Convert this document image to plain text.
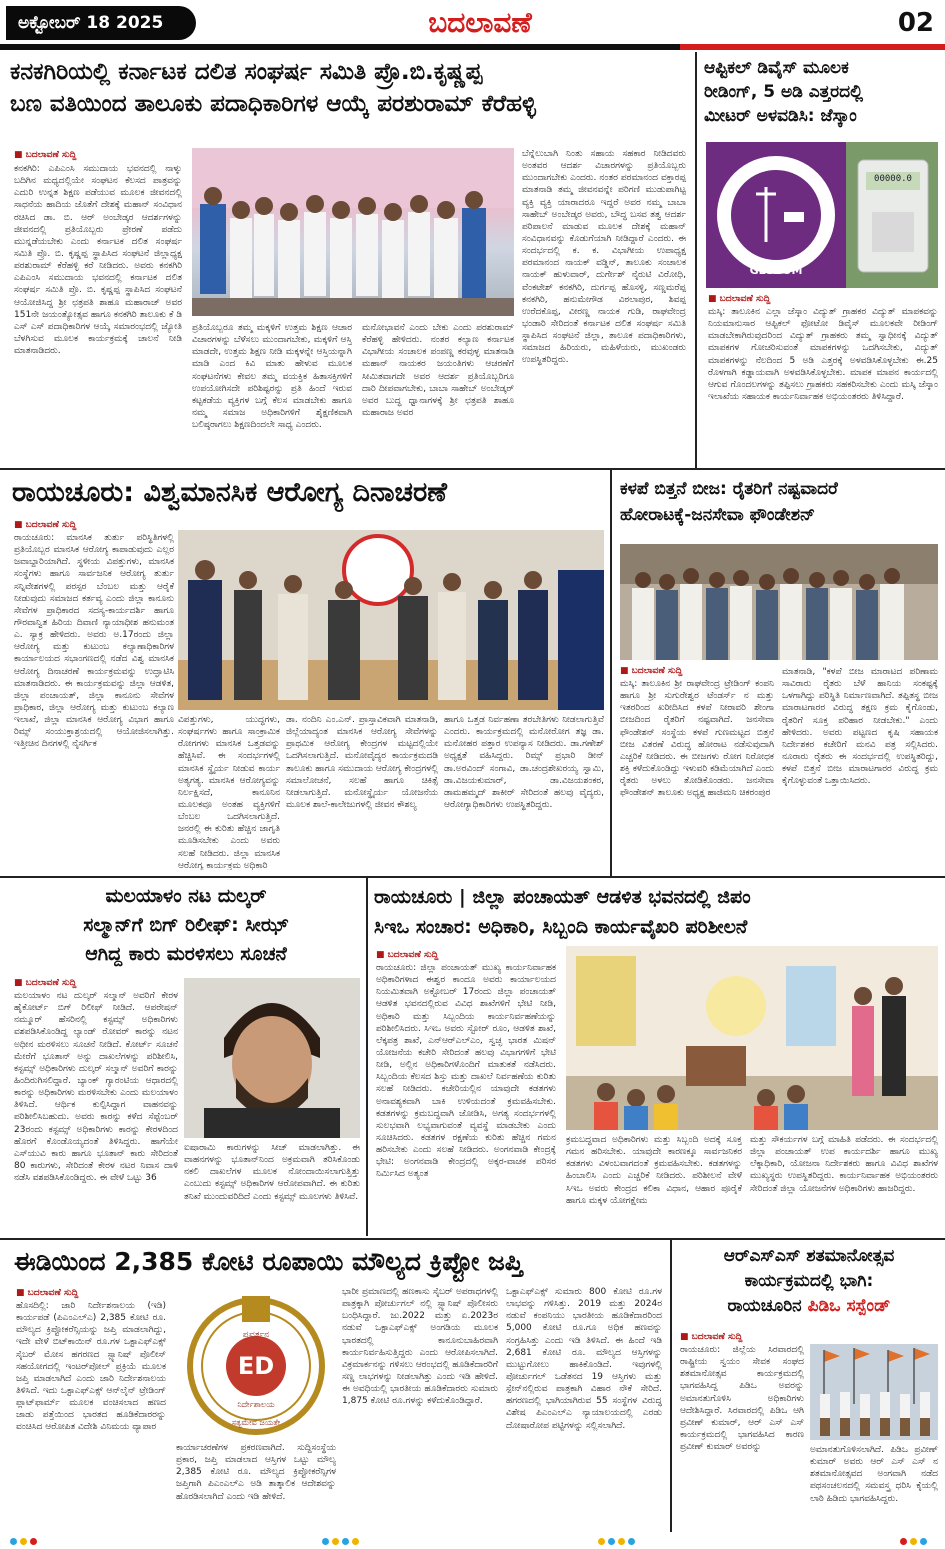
ಅಕ್ಟೋಬರ್ 18 2025	ಬದಲಾವಣೆ	02
ಕನಕಗಿರಿಯಲ್ಲಿ ಕರ್ನಾಟಕ ದಲಿತ ಸಂಘರ್ಷ ಸಮಿತಿ ಪ್ರೊ.ಬಿ.ಕೃಷ್ಣಪ್ಪ
ಬಣ ವತಿಯಿಂದ ತಾಲೂಕು ಪದಾಧಿಕಾರಿಗಳ ಆಯ್ಕೆ ಪರಶುರಾಮ್ ಕೆರೆಹಳ್ಳಿ
■ ಬದಲಾವಣೆ ಸುದ್ದಿ
ಕನಕಗಿರಿ: ಎಪಿಎಂಸಿ ಸಮುದಾಯ ಭವನದಲ್ಲಿ ನಾಳ್ಕು ಬದಿಗಿನ ಮಧ್ಯದಲ್ಲಿಯೇ ಸಂಘಟನ ಕೆಲಸದ ಪಾತ್ರವನ್ನು ಎದುರಿ ಉನ್ನತ ಶಿಕ್ಷಣ ಪಡೆಯುವ ಮೂಲಕ ಜೀವನದಲ್ಲಿ ಸಾಧನೆಯ ಹಾದಿಯ ಜೊತೆಗೆ ದೇಶಕ್ಕೆ ಮಹಾನ್ ಸಂವಿಧಾನ ರಚಿಸಿದ ಡಾ. ಬಿ. ಆರ್ ಅಂಬೇಡ್ಕರ ಆದರ್ಶಗಳನ್ನು ಜೀವನದಲ್ಲಿ ಪ್ರತಿಯೊಬ್ಬರು ಪ್ರೇರಣೆ ಪಡೆದು ಮುನ್ನಡೆಯಬೇಕು ಎಂದು ಕರ್ನಾಟಕ ದಲಿತ ಸಂಘರ್ಷ ಸಮಿತಿ ಪ್ರೊ. ಬಿ. ಕೃಷ್ಣಪ್ಪ ಸ್ಥಾಪಿಸಿದ ಸಂಘಟನೆ ಜಿಲ್ಲಾಧ್ಯಕ್ಷ ಪರಶುರಾಮ್ ಕೆರೆಹಳ್ಳಿ ಕರೆ ನೀಡಿದರು. ಅವರು ಕನಕಗಿರಿ ಎಪಿಎಂಸಿ ಸಮುದಾಯ ಭವನದಲ್ಲಿ ಕರ್ನಾಟಕ ದಲಿತ ಸಂಘರ್ಷ ಸಮಿತಿ ಪ್ರೊ. ಬಿ. ಕೃಷ್ಣಪ್ಪ ಸ್ಥಾಪಿಸಿದ ಸಂಘಟನೆ ಆಯೋಜಿಸಿದ್ದ ಶ್ರೀ ಛತ್ರಪತಿ ಶಾಹೂ ಮಹಾರಾಜ್ ಅವರ 151ನೇ ಜಯಂತ್ಯೋತ್ಸವ ಹಾಗೂ ಕನಕಗಿರಿ ತಾಲೂಕು ಕೆ ಡಿ ಎಸ್ ಎಸ್ ಪದಾಧಿಕಾರಿಗಳ ಆಯ್ಕೆ ಸಮಾರಂಭದಲ್ಲಿ ಜ್ಯೋತಿ ಬೆಳಗಿಸುವ ಮೂಲಕ ಕಾರ್ಯಕ್ರಮಕ್ಕೆ ಚಾಲನೆ ನೀಡಿ ಮಾತನಾಡಿದರು.
ಪ್ರತಿಯೊಬ್ಬರೂ ತಮ್ಮ ಮಕ್ಕಳಿಗೆ ಉತ್ತಮ ಶಿಕ್ಷಣ ಆಚಾರ ವಿಚಾರಗಳನ್ನು ಬೆಳೆಸಲು ಮುಂದಾಗಬೇಕು, ಮಕ್ಕಳಿಗೆ ಆಸ್ತಿ ಮಾಡದೇ, ಉತ್ತಮ ಶಿಕ್ಷಣ ನೀಡಿ ಮಕ್ಕಳನ್ನೇ ಆಸ್ತಿಯನ್ನಾಗಿ ಮಾಡಿ ಎಂದ ಕಿವಿ ಮಾತು ಹೇಳುವ ಮೂಲಕ ಸಂಘಟನೆಗಳು ಕೇವಲ ತಮ್ಮ ವಯಕ್ತಿಕ ಹಿತಾಸಕ್ತಿಗಳಿಗೆ ಉಪಯೋಗಿಸದೇ ಪರಿಶಿಷ್ಟರನ್ನು ಪ್ರತಿ ಹಿಂದೆ ಇರುವ ಕಟ್ಟಕಡೆಯ ವ್ಯಕ್ತಿಗಳ ಬಗ್ಗೆ ಕೆಲಸ ಮಾಡಬೇಕು ಹಾಗೂ ನಮ್ಮ ಸಮಾಜ ಅಧಿಕಾರಿಗಳಿಗೆ ಶೈಕ್ಷಣಿಕವಾಗಿ ಬಲಿಷ್ಠರಾಗಲು ಶಿಕ್ಷಣದಿಂದಲೇ ಸಾಧ್ಯ ಎಂದರು.
ಮನೋಭಾವನೆ ಎಂದು ಬೇಕು ಎಂದು ಪರಶುರಾಮ್ ಕೆರೆಹಳ್ಳಿ ಹೇಳಿದರು. ನಂತರ ಕಲ್ಯಾಣ ಕರ್ನಾಟಕ ವಿಭಾಗೀಯ ಸಂಚಾಲಕ ಪಂಪಣ್ಣ ಕರವುಳ್ಳ ಮಾತನಾಡಿ ಮಹಾನ್ ನಾಯಕರ ಜಯಂತಿಗಳು ಆಚರಣೆಗೆ ಸೀಮಿತವಾಗದೇ ಅವರ ಆದರ್ಶ ಪ್ರತಿಯೊಬ್ಬರಿಗೂ ದಾರಿ ದೀಪವಾಗಬೇಕು, ಬಾಬಾ ಸಾಹೇಬ್ ಅಂಬೇಡ್ಕರ್ ಅವರ ಬುದ್ಧ ಧ್ವಾನಾಗಳಕ್ಕೆ ಶ್ರೀ ಛತ್ರಪತಿ ಶಾಹೂ ಮಹಾರಾಜ ಅವರ
ಬೆನ್ನೆಲುಬಾಗಿ ನಿಂತು ಸಹಾಯ ಸಹಕಾರ ನೀಡಿದವರು ಅಂತವರ ಆದರ್ಶ ವಿಚಾರಗಳನ್ನು ಪ್ರತಿಯೊಬ್ಬರು ಮುಂದಾಗಬೇಕು ಎಂದರು. ನಂತರ ಪರಮಾನಂದ ವಕ್ತಾರಪ್ಪ ಮಾತನಾಡಿ ತಮ್ಮ ಜೀವನವನ್ನೇ ಪರಿಗಣಿ ಮುಡುಪಾಗಿಟ್ಟ ವ್ಯಕ್ತಿ ವ್ಯಕ್ತಿ ಯಾರಾದರೂ ಇದ್ದರೆ ಅವರ ನಮ್ಮ ಬಾಬಾ ಸಾಹೇಬ್ ಅಂಬೇಡ್ಕರ ಅವರು, ಬೌದ್ಧ ಬಸವ ತತ್ವ ಆದರ್ಶ ಪರಿಪಾಲನೆ ಮಾಡುವ ಮೂಲಕ ದೇಶಕ್ಕೆ ಮಹಾನ್ ಸಂವಿಧಾನವನ್ನು ಕೊಡುಗೆಯಾಗಿ ನೀಡಿದ್ದಾರೆ ಎಂದರು. ಈ ಸಂದರ್ಭದಲ್ಲಿ ಕ. ಕ. ವಿಭಾಗೀಯ ಉಪಾಧ್ಯಕ್ಷ ಪರಮಾನಂದ ನಾಯಕ್ ವಡ್ಡಿನ್, ತಾಲೂಕು ಸಂಚಾಲಕ ನಾಯಕ್ ಹುಳುವಾರ್, ದುರ್ಗೇಶ್ ನೈರುಟಿ ವಿರೋಧಿ, ವೆಂಕಟೇಶ್ ಕನಕಗಿರಿ, ದುರ್ಗಪ್ಪ ಹೊಸಳ್ಳಿ, ಸಣ್ಣಮರೆಪ್ಪ ಕನಕಗಿರಿ, ಹನುಮೇಗೌಡ ವಿಠಲಾಪುರ, ಶಿವಪ್ಪ ಉರೆದಕೊಪ್ಪ, ವೀರಣ್ಣ ನಾಯಕ ಗುಡಿ, ರಾಘವೇಂದ್ರ ಭಂಡಾರಿ ಸೇರಿದಂತೆ ಕರ್ನಾಟಕ ದಲಿತ ಸಂಘರ್ಷ ಸಮಿತಿ ಸ್ಥಾಪಿಸಿದ ಸಂಘಟನೆ ಜಿಲ್ಲಾ, ತಾಲೂಕ ಪದಾಧಿಕಾರಿಗಳು, ಸಮಾಜದ ಹಿರಿಯರು, ಮಹಿಳೆಯರು, ಮುಖಂಡರು ಉಪಸ್ಥಿತರಿದ್ದರು.
ಆಪ್ಟಿಕಲ್ ಡಿವೈಸ್ ಮೂಲಕ
ರೀಡಿಂಗ್, 5 ಅಡಿ ಎತ್ತರದಲ್ಲಿ
ಮೀಟರ್ ಅಳವಡಿಸಿ: ಜೆಸ್ಕಾಂ
ಗು ವಿ ಕಂ
GESCOM
00000.0
■ ಬದಲಾವಣೆ ಸುದ್ದಿ
ಮಸ್ಕಿ: ತಾಲೂಕಿನ ಎಲ್ಲಾ ಜೆಸ್ಕಾಂ ವಿದ್ಯುತ್ ಗ್ರಾಹಕರ ವಿದ್ಯುತ್ ಮಾಪಕವನ್ನು ನಿಯಮಾನುಸಾರ ಆಪ್ಟಿಕಲ್ ಫೋಟೋ ಡಿವೈಸ್ ಮೂಲಕವೇ ರೀಡಿಂಗ್ ಮಾಡಬೇಕಾಗಿರುವುದರಿಂದ ವಿದ್ಯುತ್ ಗ್ರಾಹಕರು ತಮ್ಮ ಸ್ವಾಧೀನಕ್ಕೆ ವಿದ್ಯುತ್ ಮಾಪಕಗಳ ಗೋಚರಿಸುವಂತೆ ಮಾಪಕಗಳನ್ನು ಒದಗಿಸಬೇಕು, ವಿದ್ಯುತ್ ಮಾಪಕಗಳನ್ನು ನೆಲದಿಂದ 5 ಅಡಿ ಎತ್ತರಕ್ಕೆ ಅಳವಡಿಸಿಕೊಳ್ಳಬೇಕು ಈ.25 ರೊಳಗಾಗಿ ಕಡ್ಡಾಯವಾಗಿ ಅಳವಡಿಸಿಕೊಳ್ಳಬೇಕು. ಮಾಪಕ ಮಾಪನ ಕಾರ್ಯದಲ್ಲಿ ಆಗುವ ಗೊಂದಲಗಳನ್ನು ತಪ್ಪಿಸಲು ಗ್ರಾಹಕರು ಸಹಕರಿಸಬೇಕು ಎಂದು ಮಸ್ಕಿ ಜೆಸ್ಕಾಂ ಇಲಾಖೆಯ ಸಹಾಯಕ ಕಾರ್ಯನಿರ್ವಾಹಕ ಅಭಿಯಂತರರು ತಿಳಿಸಿದ್ದಾರೆ.
ರಾಯಚೂರು: ವಿಶ್ವಮಾನಸಿಕ ಆರೋಗ್ಯ ದಿನಾಚರಣೆ
■ ಬದಲಾವಣೆ ಸುದ್ದಿ
ರಾಯಚೂರು: ಮಾನಸಿಕ ತುರ್ತು ಪರಿಸ್ಥಿತಿಗಳಲ್ಲಿ ಪ್ರತಿಯೊಬ್ಬರ ಮಾನಸಿಕ ಆರೋಗ್ಯ ಕಾಪಾಡುವುದು ಎಲ್ಲರ ಜವಾಬ್ದಾರಿಯಾಗಿದೆ. ಸ್ಥಳೀಯ ವಿಪತ್ತುಗಳು, ಮಾನಸಿಕ ಸಂಸ್ಥೆಗಳು ಹಾಗೂ ಸಾರ್ವಜನಿಕ ಆರೋಗ್ಯ ತುರ್ತು ಸನ್ನಿವೇಶಗಳಲ್ಲಿ ಪರಸ್ಪರ ಬೆಂಬಲ ಮತ್ತು ಆರೈಕೆ ನೀಡುವುದು ಸಮಾಜದ ಕರ್ತವ್ಯ ಎಂದು ಜಿಲ್ಲಾ ಕಾನೂನು ಸೇವೆಗಳ ಪ್ರಾಧಿಕಾರದ ಸದಸ್ಯ-ಕಾರ್ಯದರ್ಶಿ ಹಾಗೂ ಗೌರವಾನ್ವಿತ ಹಿರಿಯ ದಿವಾಣಿ ನ್ಯಾಯಾಧೀಶ ಹನುಮಂತ ಎ. ಸ್ಯಾಕ್ರ ಹೇಳಿದರು. ಅವರು ಅ.17ರಂದು ಜಿಲ್ಲಾ ಆರೋಗ್ಯ ಮತ್ತು ಕುಟುಂಬ ಕಲ್ಯಾಣಾಧಿಕಾರಿಗಳ ಕಾರ್ಯಾಲಯದ ಸಭಾಂಗಣದಲ್ಲಿ ನಡೆದ ವಿಶ್ವ ಮಾನಸಿಕ ಆರೋಗ್ಯ ದಿನಾಚರಣೆ ಕಾರ್ಯಕ್ರಮವನ್ನು ಉದ್ಘಾಟಿಸಿ ಮಾತನಾಡಿದರು. ಈ ಕಾರ್ಯಕ್ರಮವನ್ನು ಜಿಲ್ಲಾ ಆಡಳಿತ, ಜಿಲ್ಲಾ ಪಂಚಾಯತ್, ಜಿಲ್ಲಾ ಕಾನೂನು ಸೇವೆಗಳ ಪ್ರಾಧಿಕಾರ, ಜಿಲ್ಲಾ ಆರೋಗ್ಯ ಮತ್ತು ಕುಟುಂಬ ಕಲ್ಯಾಣ ಇಲಾಖೆ, ಜಿಲ್ಲಾ ಮಾನಸಿಕ ಆರೋಗ್ಯ ವಿಭಾಗ ಹಾಗೂ ರಿಮ್ಸ್ ಸಂಯುಕ್ತಾಶ್ರಯದಲ್ಲಿ ಆಯೋಜಿಸಲಾಗಿತ್ತು. ಇತ್ತೀಚಿನ ದಿನಗಳಲ್ಲಿ ನೈಸರ್ಗಿಕ
ವಿಪತ್ತುಗಳು, ಯುದ್ಧಗಳು, ಸಂಘರ್ಷಗಳು ಹಾಗೂ ಸಾಂಕ್ರಾಮಿಕ ರೋಗಗಳು ಮಾನಸಿಕ ಒತ್ತಡವನ್ನು ಹೆಚ್ಚಿಸಿವೆ. ಈ ಸಂದರ್ಭಗಳಲ್ಲಿ ಮಾನಸಿಕ ಸ್ಥೈರ್ಯ ನೀಡುವ ಕಾರ್ಯ ಅತ್ಯಗತ್ಯ. ಮಾನಸಿಕ ಆರೋಗ್ಯವನ್ನು ನಿರ್ಲಕ್ಷಿಸದೆ, ಕಾನೂನಿನ ಮೂಲಕವೂ ಅಂತಹ ವ್ಯಕ್ತಿಗಳಿಗೆ ಬೆಂಬಲ ಒದಗಿಸಲಾಗುತ್ತಿದೆ. ಜನರಲ್ಲಿ ಈ ಕುರಿತು ಹೆಚ್ಚಿನ ಜಾಗೃತಿ ಮೂಡಿಸಬೇಕು ಎಂದು ಅವರು ಸಲಹೆ ನೀಡಿದರು. ಜಿಲ್ಲಾ ಮಾನಸಿಕ ಆರೋಗ್ಯ ಕಾರ್ಯಕ್ರಮ ಅಧಿಕಾರಿ
ಡಾ. ನಂದಿನಿ ಎಂ.ಎನ್. ಪ್ರಾಸ್ತಾವಿಕವಾಗಿ ಮಾತನಾಡಿ, ಜಿಲ್ಲೆಯಾದ್ಯಂತ ಮಾನಸಿಕ ಆರೋಗ್ಯ ಸೇವೆಗಳನ್ನು ಪ್ರಾಥಮಿಕ ಆರೋಗ್ಯ ಕೇಂದ್ರಗಳ ಮಟ್ಟದಲ್ಲಿಯೇ ಒದಗಿಸಲಾಗುತ್ತಿದೆ. ಮನೋವೈದ್ಯರ ಕಾರ್ಯಕ್ರಮದಡಿ ತಾಲೂಕು ಹಾಗೂ ಸಮುದಾಯ ಆರೋಗ್ಯ ಕೇಂದ್ರಗಳಲ್ಲಿ ಸಮಾಲೋಚನೆ, ಸಲಹೆ ಹಾಗೂ ಚಿಕಿತ್ಸೆ ನೀಡಲಾಗುತ್ತಿದೆ. ಮನೋಸ್ಥೈರ್ಯ ಯೋಜನೆಯ ಮೂಲಕ ಶಾಲೆ-ಕಾಲೇಜುಗಳಲ್ಲಿ ಜೀವನ ಕೌಶಲ್ಯ
ಹಾಗೂ ಒತ್ತಡ ನಿರ್ವಹಣಾ ತರಬೇತಿಗಳು ನೀಡಲಾಗುತ್ತಿವೆ ಎಂದರು. ಕಾರ್ಯಕ್ರಮದಲ್ಲಿ ಮನೋರೋಗ ತಜ್ಞ ಡಾ. ಮನೋಹರ ಪತ್ತಾರ ಉಪನ್ಯಾಸ ನೀಡಿದರು. ಡಾ.ಗಣೇಶ್ ಅಧ್ಯಕ್ಷತೆ ವಹಿಸಿದ್ದರು. ರಿಮ್ಸ್ ಪ್ರಭಾರಿ ಡೀನ್ ಡಾ.ಅರವಿಂದ್ ಸಂಗಾವಿ, ಡಾ.ಚಂದ್ರಶೇಖರಯ್ಯ ಸ್ವಾಮಿ, ಡಾ.ವಿಜಯಕುಮಾರ್, ಡಾ.ವಿಜಯಶಂಕರ, ಡಾಮಹಮ್ಮದ್ ಶಾಕೀರ್ ಸೇರಿದಂತೆ ಹಲವು ವೈದ್ಯರು, ಆರೋಗ್ಯಾಧಿಕಾರಿಗಳು ಉಪಸ್ಥಿತರಿದ್ದರು.
ಕಳಪೆ ಬಿತ್ತನೆ ಬೀಜ: ರೈತರಿಗೆ ನಷ್ಟವಾದರೆ
ಹೋರಾಟಕ್ಕೆ-ಜನಸೇವಾ ಫೌಂಡೇಶನ್
■ ಬದಲಾವಣೆ ಸುದ್ದಿ
ಮಸ್ಕಿ: ತಾಲೂಕಿನ ಶ್ರೀ ರಾಘವೇಂದ್ರ ಟ್ರೇಡಿಂಗ್ ಕಂಪನಿ ಹಾಗೂ ಶ್ರೀ ಸುಗುರೇಶ್ವರ ಟೆಂಡರ್ಸ್ ನ ಮತ್ತು ಇತರರಿಂದ ಖರೀದಿಸಿದ ಕಳಪೆ ನೀರಾವರಿ ಶೇಂಗಾ ಬೀಜದಿಂದ ರೈತರಿಗೆ ನಷ್ಟವಾಗಿದೆ. ಜನಸೇವಾ ಫೌಂಡೇಶನ್ ಸಂಸ್ಥೆಯ ಕಳಪೆ ಗುಣಮಟ್ಟದ ಬಿತ್ತನೆ ಬೀಜ ವಿತರಣೆ ವಿರುದ್ಧ ಹೋರಾಟ ನಡೆಸುವುದಾಗಿ ಎಚ್ಚರಿಕೆ ನೀಡಿದರು. ಈ ಬೀಜಗಳು ರೋಗ ನಿರೋಧಕ ಶಕ್ತಿ ಕಳೆದುಕೊಂಡಿದ್ದು ಇಳುವರಿ ಕಡಿಮೆಯಾಗಿದೆ ಎಂದು ರೈತರು ಅಳಲು ತೋಡಿಕೊಂಡರು. ಜನಸೇವಾ ಫೌಂಡೇಶನ್ ತಾಲೂಕು ಅಧ್ಯಕ್ಷ ಹಾಜಿಮನಿ ಚಿಕರಂಪುರ
ಮಾತನಾಡಿ, "ಕಳಪೆ ಬೀಜ ಮಾರಾಟದ ಪರಿಣಾಮ ಸಾವಿರಾರು ರೈತರು ಬೆಳೆ ಹಾನಿಯ ಸಂಕಷ್ಟಕ್ಕೆ ಒಳಗಾಗಿದ್ದು ಪರಿಸ್ಥಿತಿ ನಿರ್ಮಾಣವಾಗಿದೆ. ತಪ್ಪಿತಸ್ಥ ಬೀಜ ಮಾರಾಟಗಾರರ ವಿರುದ್ಧ ತಕ್ಷಣ ಕ್ರಮ ಕೈಗೊಂಡು, ರೈತರಿಗೆ ಸೂಕ್ತ ಪರಿಹಾರ ನೀಡಬೇಕು." ಎಂದು ಹೇಳಿದರು. ಅವರು ಪಟ್ಟಣದ ಕೃಷಿ ಸಹಾಯಕ ನಿರ್ದೇಶಕರ ಕಚೇರಿಗೆ ಮನವಿ ಪತ್ರ ಸಲ್ಲಿಸಿದರು. ನೂರಾರು ರೈತರು ಈ ಸಂದರ್ಭದಲ್ಲಿ ಉಪಸ್ಥಿತರಿದ್ದು, ಕಳಪೆ ಬಿತ್ತನೆ ಬೀಜ ಮಾರಾಟಗಾರರ ವಿರುದ್ಧ ಕ್ರಮ ಕೈಗೊಳ್ಳುವಂತೆ ಒತ್ತಾಯಿಸಿದರು.
ಮಲಯಾಳಂ ನಟ ದುಲ್ಕರ್
ಸಲ್ಮಾನ್‌ಗೆ ಬಿಗ್ ರಿಲೀಫ್: ಸೀಝ್
ಆಗಿದ್ದ ಕಾರು ಮರಳಿಸಲು ಸೂಚನೆ
■ ಬದಲಾವಣೆ ಸುದ್ದಿ
ಮಲಯಾಳಂ ನಟ ದುಲ್ಕರ್ ಸಲ್ಮಾನ್ ಅವರಿಗೆ ಕೇರಳ ಹೈಕೋರ್ಟ್ ಬಿಗ್ ರಿಲೀಫ್ ನೀಡಿದೆ. ಆಪರೇಷನ್ ನಮ್ಮೂರ್ ಹೆಸರಿನಲ್ಲಿ ಕಸ್ಟಮ್ಸ್ ಅಧಿಕಾರಿಗಳು ವಶಪಡಿಸಿಕೊಂಡಿದ್ದ ಲ್ಯಾಂಡ್ ರೋವರ್ ಕಾರನ್ನು ನಟನ ಅಧೀನ ಮರಳಿಸಲು ಸೂಚನೆ ನೀಡಿದೆ. ಕೋರ್ಟ್ ಸೂಚನೆ ಮೇರೆಗೆ ಭೂತಾನ್ ಅನ್ನು ದಾಖಲೆಗಳನ್ನು ಪರಿಶೀಲಿಸಿ, ಕಸ್ಟಮ್ಸ್ ಅಧಿಕಾರಿಗಳು ದುಲ್ಕರ್ ಸಲ್ಮಾನ್ ಅವರಿಗೆ ಕಾರನ್ನು ಹಿಂದಿರುಗಿಸಲಿದ್ದಾರೆ. ಬ್ಯಾಂಕ್ ಗ್ಯಾರಂಟಿಯ ಆಧಾರದಲ್ಲಿ ಕಾರನ್ನು ಅಧಿಕಾರಿಗಳು ಮರಳಿಸಬೇಕು ಎಂದು ಮಲಯಾಳಂ ತಿಳಿಸಿದೆ. ಆರ್ಥಿಕ ಕುಲ್ಪಿಸಿದ್ದಾಗ ವಾಹನವನ್ನು ಪರಿಶೀಲಿಸಿಬಹುದು. ಅವರು ಕಾರನ್ನು ಕಳೆದ ಸೆಪ್ಟೆಂಬರ್ 23ರಂದು ಕಸ್ಟಮ್ಸ್ ಅಧಿಕಾರಿಗಳು ಕಾರನ್ನು ಕೇರಳದಿಂದ ಹೊರಗೆ ಕೊಂಡೊಯ್ಯದಂತೆ ತಿಳಿಸಿದ್ದರು. ಹಾಗೆಯೇ ಎಸ್‌ಯುವಿ ಕಾರು ಹಾಗೂ ಭೂತಾನ್ ಕಾರು ಸೇರಿದಂತೆ 80 ಕಾರುಗಳು, ಸೇರಿದಂತೆ ಕೇರಳ ನಟರ ನಿವಾಸ ದಾಳಿ ನಡೆಸಿ ವಶಪಡಿಸಿಕೊಂಡಿದ್ದರು. ಈ ವೇಳೆ ಒಟ್ಟು 36
ಐಷಾರಾಮಿ ಕಾರುಗಳನ್ನು ಸೀಜ್ ಮಾಡಲಾಗಿತ್ತು. ಈ ವಾಹನಗಳನ್ನು ಭೂತಾನ್‌ನಿಂದ ಅಕ್ರಮವಾಗಿ ತರಿಸಿಕೊಂಡು ನಕಲಿ ದಾಖಲೆಗಳ ಮೂಲಕ ನೋಂದಾಯಿಸಲಾಗುತ್ತಿತ್ತು ಎಂಬುದು ಕಸ್ಟಮ್ಸ್ ಅಧಿಕಾರಿಗಳ ಆರೋಪವಾಗಿದೆ. ಈ ಕುರಿತು ತನಿಖೆ ಮುಂದುವರಿದಿದೆ ಎಂದು ಕಸ್ಟಮ್ಸ್ ಮೂಲಗಳು ತಿಳಿಸಿವೆ.
ರಾಯಚೂರು | ಜಿಲ್ಲಾ ಪಂಚಾಯತ್ ಆಡಳಿತ ಭವನದಲ್ಲಿ ಜಿಪಂ
ಸಿಇಒ ಸಂಚಾರ: ಅಧಿಕಾರಿ, ಸಿಬ್ಬಂದಿ ಕಾರ್ಯವೈಖರಿ ಪರಿಶೀಲನೆ
■ ಬದಲಾವಣೆ ಸುದ್ದಿ
ರಾಯಚೂರು: ಜಿಲ್ಲಾ ಪಂಚಾಯತ್ ಮುಖ್ಯ ಕಾರ್ಯನಿರ್ವಾಹಕ ಅಧಿಕಾರಿಗಳಾದ ಈಶ್ವರ ಕಾಂದೂ ಅವರು ಕಾರ್ಯಾಲಯದ ನಿಯಮಿತವಾಗಿ ಅಕ್ಟೋಬರ್ 17ರಂದು ಜಿಲ್ಲಾ ಪಂಚಾಯತ್ ಆಡಳಿತ ಭವನದಲ್ಲಿರುವ ವಿವಿಧ ಶಾಖೆಗಳಿಗೆ ಭೇಟಿ ನೀಡಿ, ಅಧಿಕಾರಿ ಮತ್ತು ಸಿಬ್ಬಂದಿಯ ಕಾರ್ಯನಿರ್ವಹಣೆಯನ್ನು ಪರಿಶೀಲಿಸಿದರು. ಸಿಇಒ ಅವರು ಸ್ಟೋರ್ ರೂಂ, ಆಡಳಿತ ಶಾಖೆ, ಲೆಕ್ಕಪತ್ರ ಶಾಖೆ, ಎನ್‌ಆರ್‌ಎಲ್‌ಎಂ, ಸ್ವಚ್ಛ ಭಾರತ ಮಿಷನ್ ಯೋಜನೆಯ ಕಚೇರಿ ಸೇರಿದಂತೆ ಹಲವು ವಿಭಾಗಗಳಿಗೆ ಭೇಟಿ ನೀಡಿ, ಅಲ್ಲಿನ ಅಧಿಕಾರಿಗಳೊಂದಿಗೆ ಮಾತುಕತೆ ನಡೆಸಿದರು. ಸಿಬ್ಬಂದಿಯ ಕೆಲಸದ ಶಿಸ್ತು ಮತ್ತು ದಾಖಲೆ ನಿರ್ವಹಣೆಯ ಕುರಿತು ಸಲಹೆ ನೀಡಿದರು. ಕಚೇರಿಯಲ್ಲಿನ ಯಾವುದೇ ಕಡತಗಳು ಅನಾವಶ್ಯಕವಾಗಿ ಬಾಕಿ ಉಳಿಯದಂತೆ ಕ್ರಮವಹಿಸಬೇಕು. ಕಡತಗಳನ್ನು ಕ್ರಮಬದ್ಧವಾಗಿ ಜೋಡಿಸಿ, ಅಗತ್ಯ ಸಂದರ್ಭಗಳಲ್ಲಿ ಸುಲಭವಾಗಿ ಲಭ್ಯವಾಗುವಂತೆ ವ್ಯವಸ್ಥೆ ಮಾಡಬೇಕು ಎಂದು ಸೂಚಿಸಿದರು. ಕಡತಗಳ ರಕ್ಷಣೆಯ ಕುರಿತು ಹೆಚ್ಚಿನ ಗಮನ ಹರಿಸಬೇಕು ಎಂದು ಸಲಹೆ ನೀಡಿದರು. ಅಂಗನವಾಡಿ ಕೇಂದ್ರಕ್ಕೆ ಭೇಟಿ: ಅಂಗನವಾಡಿ ಕೇಂದ್ರದಲ್ಲಿ ಅಕ್ಕರ-ವಾಚಕ ಪರಿಸರ ನಿರ್ಮಿಸಿದ ಅತ್ಯಂತ
ಕ್ರಮಬದ್ಧವಾದ ಅಧಿಕಾರಿಗಳು ಮತ್ತು ಸಿಬ್ಬಂದಿ ಅದಕ್ಕೆ ಸೂಕ್ತ ಗಮನ ಹರಿಸಬೇಕು. ಯಾವುದೇ ಕಾರಣಕ್ಕೂ ಸಾರ್ವಜನಿಕರ ಕಡತಗಳು ವಿಳಂಬವಾಗದಂತೆ ಕ್ರಮವಹಿಸಬೇಕು. ಕಡತಗಳನ್ನು ಹಿಂಬಾಲಿಸಿ ಎಂದು ಎಚ್ಚರಿಕೆ ನೀಡಿದರು. ಪರಿಶೀಲನೆ ವೇಳೆ ಸಿಇಒ ಅವರು ಕೇಂದ್ರದ ಕಲಿಕಾ ವಿಧಾನ, ಆಹಾರ ಪೂರೈಕೆ ಹಾಗೂ ಮಕ್ಕಳ ಯೋಗಕ್ಷೇಮ
ಮತ್ತು ಸೌಕರ್ಯಗಳ ಬಗ್ಗೆ ಮಾಹಿತಿ ಪಡೆದರು. ಈ ಸಂದರ್ಭದಲ್ಲಿ ಜಿಲ್ಲಾ ಪಂಚಾಯತ್ ಉಪ ಕಾರ್ಯದರ್ಶಿ ಹಾಗೂ ಮುಖ್ಯ ಲೆಕ್ಕಾಧಿಕಾರಿ, ಯೋಜನಾ ನಿರ್ದೇಶಕರು ಹಾಗೂ ವಿವಿಧ ಶಾಖೆಗಳ ಮುಖ್ಯಸ್ಥರು ಉಪಸ್ಥಿತರಿದ್ದರು. ಕಾರ್ಯನಿರ್ವಾಹಕ ಅಭಿಯಂತರರು ಸೇರಿದಂತೆ ಜಿಲ್ಲಾ ಯೋಜನೆಗಳ ಅಧಿಕಾರಿಗಳು ಹಾಜರಿದ್ದರು.
ಈಡಿಯಿಂದ 2,385 ಕೋಟಿ ರೂಪಾಯಿ ಮೌಲ್ಯದ ಕ್ರಿಪ್ಟೋ ಜಪ್ತಿ
■ ಬದಲಾವಣೆ ಸುದ್ದಿ
ಹೊಸದಿಲ್ಲಿ: ಜಾರಿ ನಿರ್ದೇಶನಾಲಯ (ಇಡಿ) ಕಾರ್ಯಪಡೆ (ಪಿಎಂಎಲ್‌ಎ) 2,385 ಕೋಟಿ ರೂ. ಮೌಲ್ಯದ ಕ್ರಿಪ್ಟೋಕರೆನ್ಸಿಯನ್ನು ಜಪ್ತಿ ಮಾಡಲಾಗಿದ್ದು, ಇದೇ ವೇಳೆ ಬಿಟ್‌ಕಾಯಿನ್ ರೂ.ಗಳ ಒಕ್ಟಾಎಫ್‌ಎಕ್ಸ್ ಸೈಬರ್ ಮೋಸ ಹಗರಣದ ಸ್ಪ್ಯಾನಿಷ್ ಪೊಲೀಸ್ ಸಹಯೋಗದಲ್ಲಿ ಇಂಟರ್‌ಪೋಲ್ ಪ್ರಕ್ರಿಯೆ ಮೂಲಕ ಜಪ್ತಿ ಮಾಡಲಾಗಿದೆ ಎಂದು ಜಾರಿ ನಿರ್ದೇಶನಾಲಯ ತಿಳಿಸಿದೆ. ಇದು ಒಕ್ಟಾಎಫ್‌ಎಕ್ಸ್ ಆನ್‌ಲೈನ್ ಟ್ರೇಡಿಂಗ್ ಪ್ಲಾಟ್‌ಫಾರ್ಮ್ ಮೂಲಕ ವಂಚಿಸಲಾದ ಹಣದ ಜಾಡು ಪತ್ತೆಯಿಂದ ಭಾರತದ ಹೂಡಿಕೆದಾರರನ್ನು ವಂಚಿಸಿದ ಆರೋಪಿತ ವಿದೇಶಿ ವಿನಿಮಯ ವ್ಯಾಪಾರ
ಪ್ರವರ್ತನ
ED
ನಿರ್ದೇಶಾಲಯ
ಸತ್ಯಮೇವ ಜಯತೇ
ಕಾರ್ಯಾಚರಣೆಗಳ ಪ್ರಕರಣವಾಗಿದೆ. ಸುದ್ದಿಸಂಸ್ಥೆಯ ಪ್ರಕಾರ, ಜಪ್ತಿ ಮಾಡಲಾದ ಆಸ್ತಿಗಳ ಒಟ್ಟು ಮೌಲ್ಯ 2,385 ಕೋಟಿ ರೂ. ಮೌಲ್ಯದ ಕ್ರಿಪ್ಟೋಕರೆನ್ಸಿಗಳ ಜಪ್ತಿಗಾಗಿ ಪಿಎಂಎಲ್‌ಎ ಅಡಿ ತಾತ್ಕಾಲಿಕ ಆದೇಶವನ್ನು ಹೊರಡಿಸಲಾಗಿದೆ ಎಂದು ಇಡಿ ಹೇಳಿದೆ.
ಭಾರೀ ಪ್ರಮಾಣದಲ್ಲಿ ಹಣಕಾಸು ಸೈಬರ್ ಅಪರಾಧಗಳಲ್ಲಿ ಪಾತ್ರಕ್ಕಾಗಿ ಪೋರ್ಚುಗಲ್ ನಲ್ಲಿ ಸ್ಪ್ಯಾನಿಷ್ ಪೊಲೀಸರು ಬಂಧಿಸಿದ್ದಾರೆ. ಜು.2022 ಮತ್ತು ಏ.2023ರ ನಡುವೆ ಒಕ್ಟಾಎಫ್‌ಎಕ್ಸ್ ಅಂಗಡಿಯ ಮೂಲಕ ಭಾರತದಲ್ಲಿ ಕಾನೂನುಬಾಹಿರವಾಗಿ ಕಾರ್ಯನಿರ್ವಹಿಸುತ್ತಿದ್ದರು ಎಂದು ಆರೋಪಿಸಲಾಗಿದೆ. ವಿಕ್ರಮಾರ್ಕನನ್ನು ಗಳಿಸಲು ಆರಂಭದಲ್ಲಿ ಹೂಡಿಕೆದಾರರಿಗೆ ಸಣ್ಣ ಲಾಭಗಳನ್ನು ನೀಡಲಾಗಿತ್ತು ಎಂದು ಇಡಿ ಹೇಳಿದೆ. ಈ ಅವಧಿಯಲ್ಲಿ ಭಾರತೀಯ ಹೂಡಿಕೆದಾರರು ಸುಮಾರು 1,875 ಕೋಟಿ ರೂ.ಗಳನ್ನು ಕಳೆದುಕೊಂಡಿದ್ದಾರೆ.
ಒಕ್ಟಾಎಫ್‌ಎಕ್ಸ್ ಸುಮಾರು 800 ಕೋಟಿ ರೂ.ಗಳ ಲಾಭವನ್ನು ಗಳಿಸಿತ್ತು. 2019 ಮತ್ತು 2024ರ ನಡುವೆ ಕಂಪನಿಯು ಭಾರತೀಯ ಹೂಡಿಕೆದಾರರಿಂದ 5,000 ಕೋಟಿ ರೂ.ಗೂ ಅಧಿಕ ಹಣವನ್ನು ಸಂಗ್ರಹಿಸಿತ್ತು ಎಂದು ಇಡಿ ತಿಳಿಸಿದೆ. ಈ ಹಿಂದೆ ಇಡಿ 2,681 ಕೋಟಿ ರೂ. ಮೌಲ್ಯದ ಆಸ್ತಿಗಳನ್ನು ಮುಟ್ಟುಗೋಲು ಹಾಕಿಕೊಂಡಿದೆ. ಇವುಗಳಲ್ಲಿ ಪೋರ್ಚುಗಲ್ ಒಡೆತನದ 19 ಆಸ್ತಿಗಳು ಮತ್ತು ಸ್ಪೇನ್‌ನಲ್ಲಿರುವ ಪಾತ್ರಕಾಗಿ ವಿಹಾರ ನೌಕೆ ಸೇರಿದೆ. ಹಗರಣದಲ್ಲಿ ಭಾಗಿಯಾಗಿರುವ 55 ಸಂಸ್ಥೆಗಳ ವಿರುದ್ಧ ವಿಶೇಷ ಪಿಎಂಎಲ್‌ಎ ನ್ಯಾಯಾಲಯದಲ್ಲಿ ಎರಡು ದೋಷಾರೋಪ ಪಟ್ಟಿಗಳನ್ನು ಸಲ್ಲಿಸಲಾಗಿದೆ.
ಆರ್‌ಎಸ್‌ಎಸ್ ಶತಮಾನೋತ್ಸವ
ಕಾರ್ಯಕ್ರಮದಲ್ಲಿ ಭಾಗಿ:
ರಾಯಚೂರಿನ ಪಿಡಿಒ ಸಸ್ಪೆಂಡ್
■ ಬದಲಾವಣೆ ಸುದ್ದಿ
ರಾಯಚೂರು: ಜಿಲ್ಲೆಯ ಸಿರವಾರದಲ್ಲಿ ರಾಷ್ಟ್ರೀಯ ಸ್ವಯಂ ಸೇವಕ ಸಂಘದ ಶತಮಾನೋತ್ಸವ ಕಾರ್ಯಕ್ರಮದಲ್ಲಿ ಭಾಗವಹಿಸಿದ್ದ ಪಿಡಿಒ ಅವರನ್ನು ಅಮಾನತುಗೊಳಿಸಿ ಅಧಿಕಾರಿಗಳು ಆದೇಶಿಸಿದ್ದಾರೆ. ಸಿರವಾರದಲ್ಲಿ ಪಿಡಿಒ ಆಗಿ ಪ್ರವೀಣ್ ಕುಮಾರ್, ಆರ್ ಎಸ್ ಎಸ್ ಕಾರ್ಯಕ್ರಮದಲ್ಲಿ ಭಾಗವಹಿಸಿದ ಕಾರಣ ಪ್ರವೀಣ್ ಕುಮಾರ್ ಅವರನ್ನು	ಅಮಾನತುಗೊಳಿಸಲಾಗಿದೆ. ಪಿಡಿಒ ಪ್ರವೀಣ್ ಕುಮಾರ್ ಅವರು ಆರ್ ಎಸ್ ಎಸ್ ನ ಶತಮಾನೋತ್ಸವದ ಅಂಗವಾಗಿ ನಡೆದ ಪಥಸಂಚಲನದಲ್ಲಿ ಸಮವಸ್ತ್ರ ಧರಿಸಿ ಕೈಯಲ್ಲಿ ಲಾಠಿ ಹಿಡಿದು ಭಾಗವಹಿಸಿದ್ದರು.
